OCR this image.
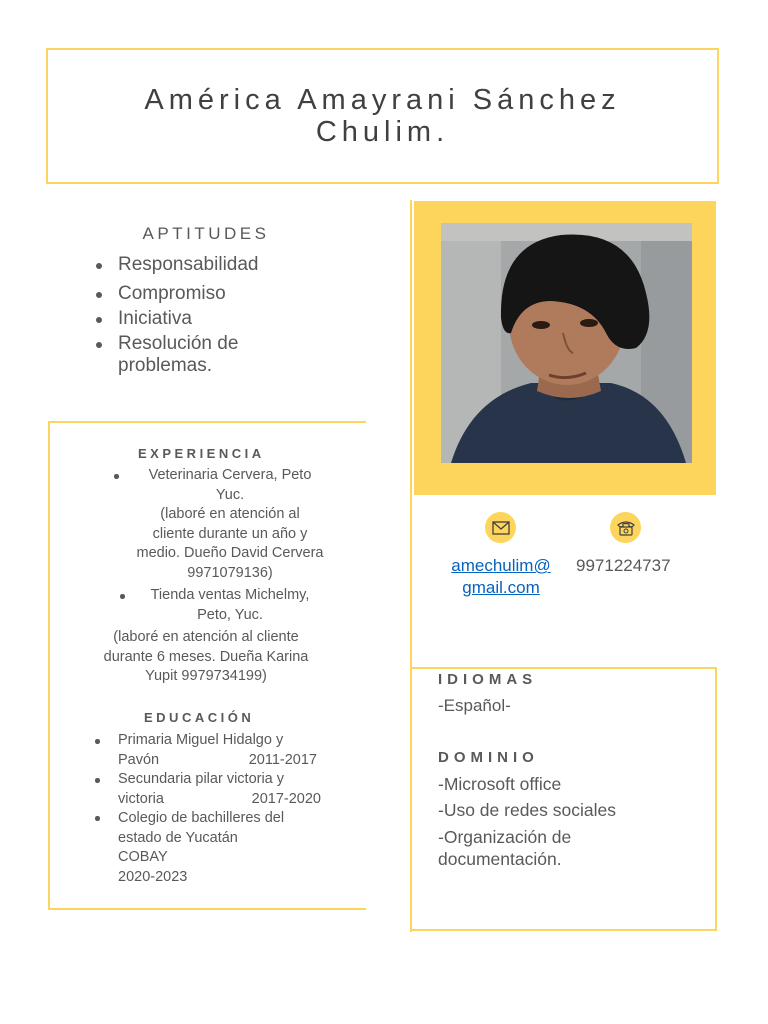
América Amayrani Sánchez
Chulim.
APTITUDES
Responsabilidad
Compromiso
Iniciativa
Resolución de problemas.
EXPERIENCIA
Veterinaria Cervera, Peto
Yuc.
(laboré en atención al
cliente durante un año y
medio. Dueño David Cervera
9971079136)
Tienda ventas Michelmy,
Peto, Yuc.
(laboré en atención al cliente
durante 6 meses. Dueña Karina
Yupit 9979734199)
EDUCACIÓN
Primaria Miguel Hidalgo y
Pavón	2011-2017
Secundaria pilar victoria y
victoria	2017-2020
Colegio de bachilleres del
estado de Yucatán
COBAY
2020-2023
amechulim@
gmail.com
9971224737
IDIOMAS
-Español-
DOMINIO
-Microsoft office
-Uso de redes sociales
-Organización de documentación.
